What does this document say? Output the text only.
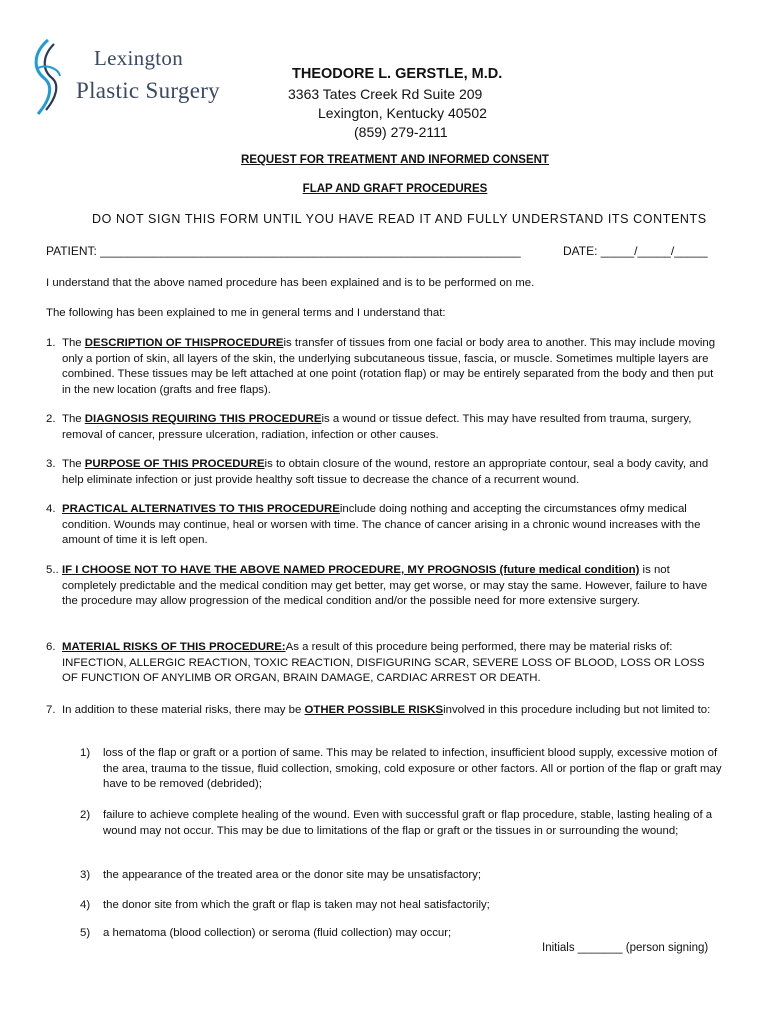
Lexington
Plastic Surgery
THEODORE L. GERSTLE, M.D.
3363 Tates Creek Rd Suite 209
Lexington, Kentucky 40502
(859) 279-2111
REQUEST FOR TREATMENT AND INFORMED CONSENT
FLAP AND GRAFT PROCEDURES
DO NOT SIGN THIS FORM UNTIL YOU HAVE READ IT AND FULLY UNDERSTAND ITS CONTENTS
PATIENT: _______________________________________________________________	DATE: _____/_____/_____
I understand that the above named procedure has been explained and is to be performed on me.
The following has been explained to me in general terms and I understand that:
1. The DESCRIPTION OF THISPROCEDUREis transfer of tissues from one facial or body area to another. This may include moving only a portion of skin, all layers of the skin, the underlying subcutaneous tissue, fascia, or muscle. Sometimes multiple layers are combined. These tissues may be left attached at one point (rotation flap) or may be entirely separated from the body and then put in the new location (grafts and free flaps).
2. The DIAGNOSIS REQUIRING THIS PROCEDUREis a wound or tissue defect. This may have resulted from trauma, surgery, removal of cancer, pressure ulceration, radiation, infection or other causes.
3. The PURPOSE OF THIS PROCEDUREis to obtain closure of the wound, restore an appropriate contour, seal a body cavity, and help eliminate infection or just provide healthy soft tissue to decrease the chance of a recurrent wound.
4. PRACTICAL ALTERNATIVES TO THIS PROCEDUREinclude doing nothing and accepting the circumstances ofmy medical condition. Wounds may continue, heal or worsen with time. The chance of cancer arising in a chronic wound increases with the amount of time it is left open.
5.. IF I CHOOSE NOT TO HAVE THE ABOVE NAMED PROCEDURE, MY PROGNOSIS (future medical condition) is not completely predictable and the medical condition may get better, may get worse, or may stay the same. However, failure to have the procedure may allow progression of the medical condition and/or the possible need for more extensive surgery.
6. MATERIAL RISKS OF THIS PROCEDURE:As a result of this procedure being performed, there may be material risks of: INFECTION, ALLERGIC REACTION, TOXIC REACTION, DISFIGURING SCAR, SEVERE LOSS OF BLOOD, LOSS OR LOSS OF FUNCTION OF ANYLIMB OR ORGAN, BRAIN DAMAGE, CARDIAC ARREST OR DEATH.
7. In addition to these material risks, there may be OTHER POSSIBLE RISKSinvolved in this procedure including but not limited to:
1) loss of the flap or graft or a portion of same. This may be related to infection, insufficient blood supply, excessive motion of the area, trauma to the tissue, fluid collection, smoking, cold exposure or other factors. All or portion of the flap or graft may have to be removed (debrided);
2) failure to achieve complete healing of the wound. Even with successful graft or flap procedure, stable, lasting healing of a wound may not occur. This may be due to limitations of the flap or graft or the tissues in or surrounding the wound;
3) the appearance of the treated area or the donor site may be unsatisfactory;
4) the donor site from which the graft or flap is taken may not heal satisfactorily;
5) a hematoma (blood collection) or seroma (fluid collection) may occur;
Initials _______ (person signing)
